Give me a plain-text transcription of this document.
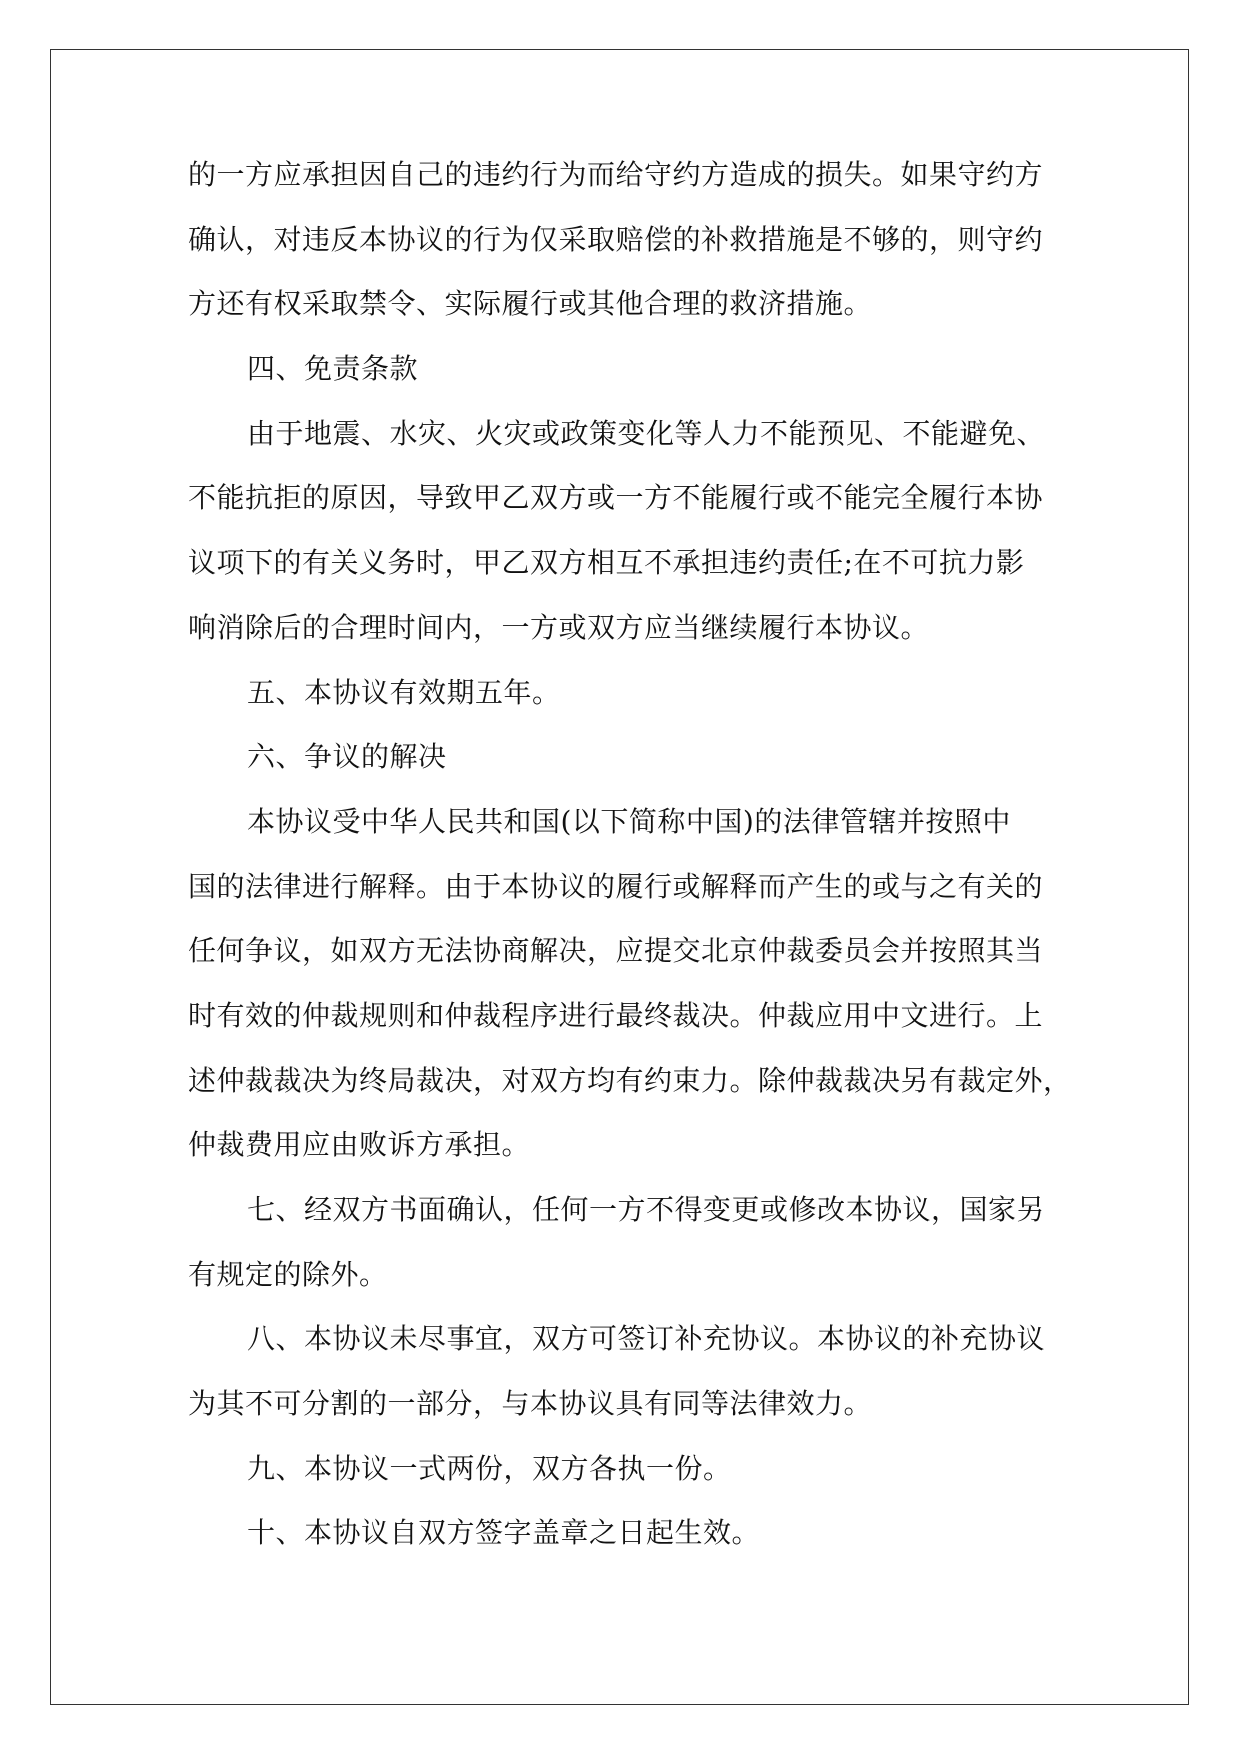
的一方应承担因自己的违约行为而给守约方造成的损失。如果守约方
确认，对违反本协议的行为仅采取赔偿的补救措施是不够的，则守约
方还有权采取禁令、实际履行或其他合理的救济措施。
四、免责条款
由于地震、水灾、火灾或政策变化等人力不能预见、不能避免、
不能抗拒的原因，导致甲乙双方或一方不能履行或不能完全履行本协
议项下的有关义务时，甲乙双方相互不承担违约责任;在不可抗力影
响消除后的合理时间内，一方或双方应当继续履行本协议。
五、本协议有效期五年。
六、争议的解决
本协议受中华人民共和国(以下简称中国)的法律管辖并按照中
国的法律进行解释。由于本协议的履行或解释而产生的或与之有关的
任何争议，如双方无法协商解决，应提交北京仲裁委员会并按照其当
时有效的仲裁规则和仲裁程序进行最终裁决。仲裁应用中文进行。上
述仲裁裁决为终局裁决，对双方均有约束力。除仲裁裁决另有裁定外，
仲裁费用应由败诉方承担。
七、经双方书面确认，任何一方不得变更或修改本协议，国家另
有规定的除外。
八、本协议未尽事宜，双方可签订补充协议。本协议的补充协议
为其不可分割的一部分，与本协议具有同等法律效力。
九、本协议一式两份，双方各执一份。
十、本协议自双方签字盖章之日起生效。
